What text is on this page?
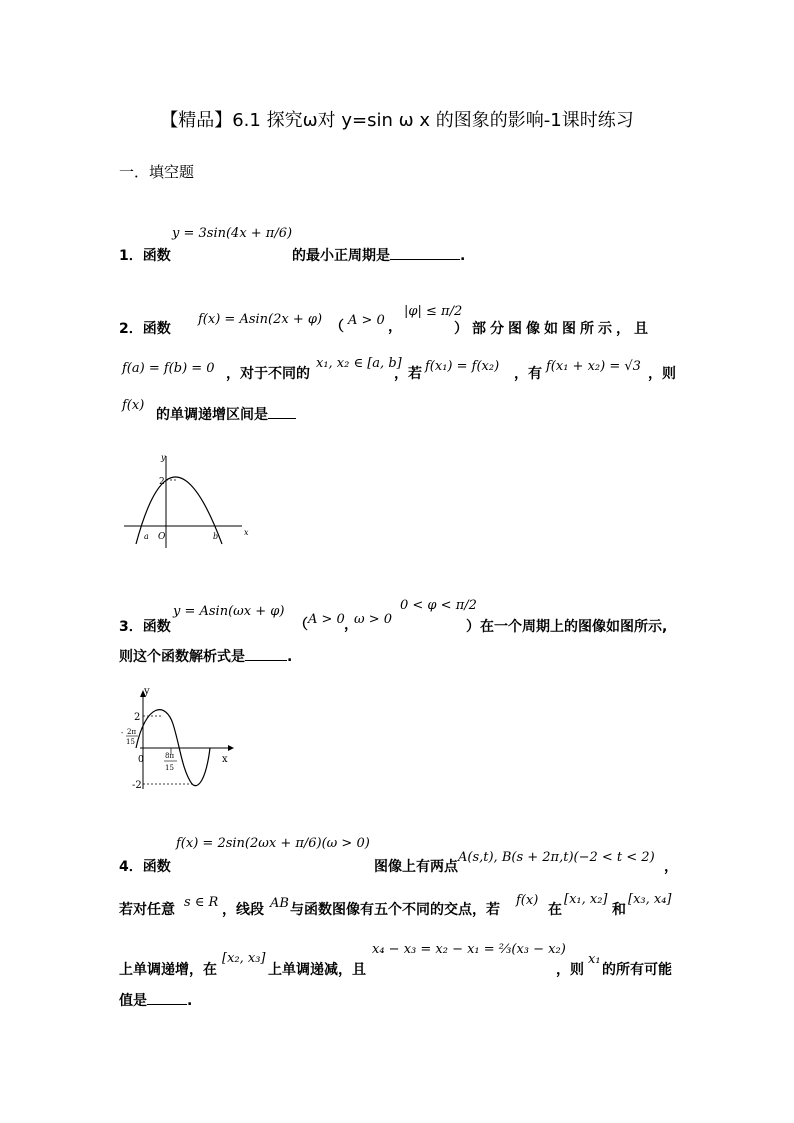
【精品】6.1 探究ω对 y=sin ω x 的图象的影响-1课时练习
一．填空题
1．函数
y = 3sin(4x + π/6)
的最小正周期是	.
2．函数
f(x) = Asin(2x + φ) （ A > 0 ，
|φ| ≤ π/2
）部分图像如图所示，且
f(a) = f(b) = 0 ，对于不同的
x₁, x₂ ∈ [a, b]
，若 f(x₁) = f(x₂) ，有 f(x₁ + x₂) = √3 ，则
f(x)
的单调递增区间是
y
x
2
a O	b
3．函数
y = Asin(ωx + φ)
（ A > 0 ，
ω > 0
0 < φ < π/2
）在一个周期上的图像如图所示,
则这个函数解析式是	.
y
x
2
-2
0
- 2π
15
8π
15
4．函数
f(x) = 2sin(2ωx + π/6)(ω > 0)
图像上有两点
A(s,t), B(s + 2π,t)(−2 < t < 2)
，
若对任意 s ∈ R ，线段 AB 与函数图像有五个不同的交点，若
f(x)
在
[x₁, x₂]
和
[x₃, x₄]
上单调递增，在
[x₂, x₃]
上单调递减，且
x₄ − x₃ = x₂ − x₁ = ⅔(x₃ − x₂)
，则
x₁
的所有可能
值是	.
